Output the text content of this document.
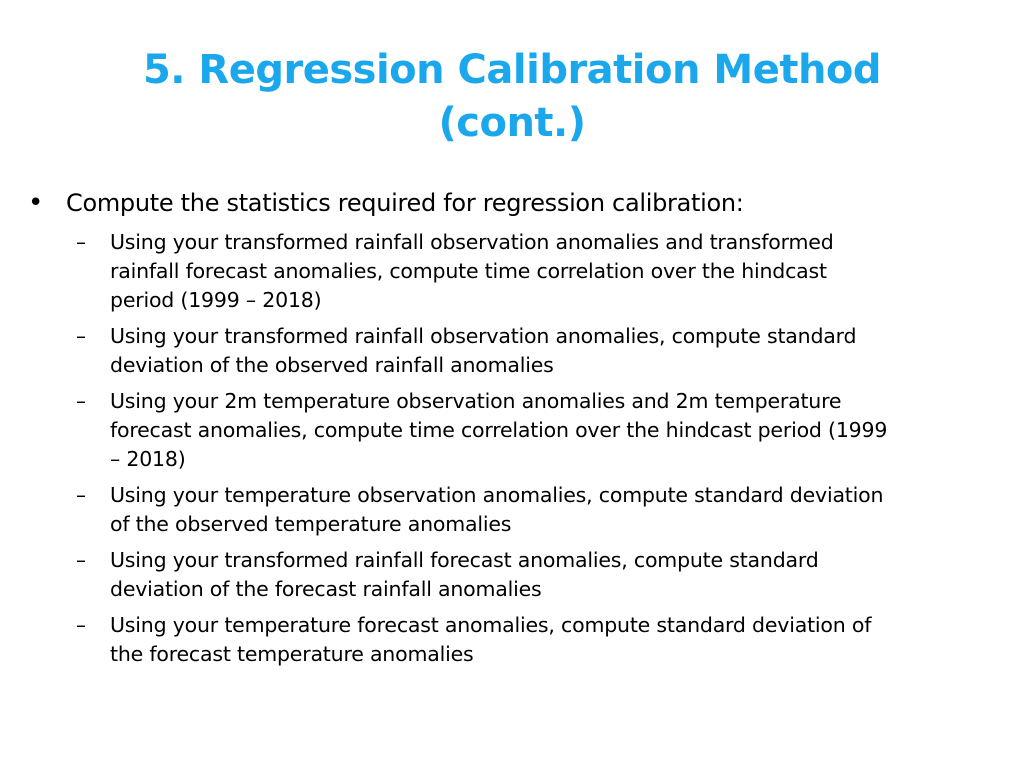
5. Regression Calibration Method
(cont.)
• Compute the statistics required for regression calibration:
–	Using your transformed rainfall observation anomalies and transformed
rainfall forecast anomalies, compute time correlation over the hindcast
period (1999 – 2018)
–	Using your transformed rainfall observation anomalies, compute standard
deviation of the observed rainfall anomalies
–	Using your 2m temperature observation anomalies and 2m temperature
forecast anomalies, compute time correlation over the hindcast period (1999
– 2018)
–	Using your temperature observation anomalies, compute standard deviation
of the observed temperature anomalies
–	Using your transformed rainfall forecast anomalies, compute standard
deviation of the forecast rainfall anomalies
–	Using your temperature forecast anomalies, compute standard deviation of
the forecast temperature anomalies
